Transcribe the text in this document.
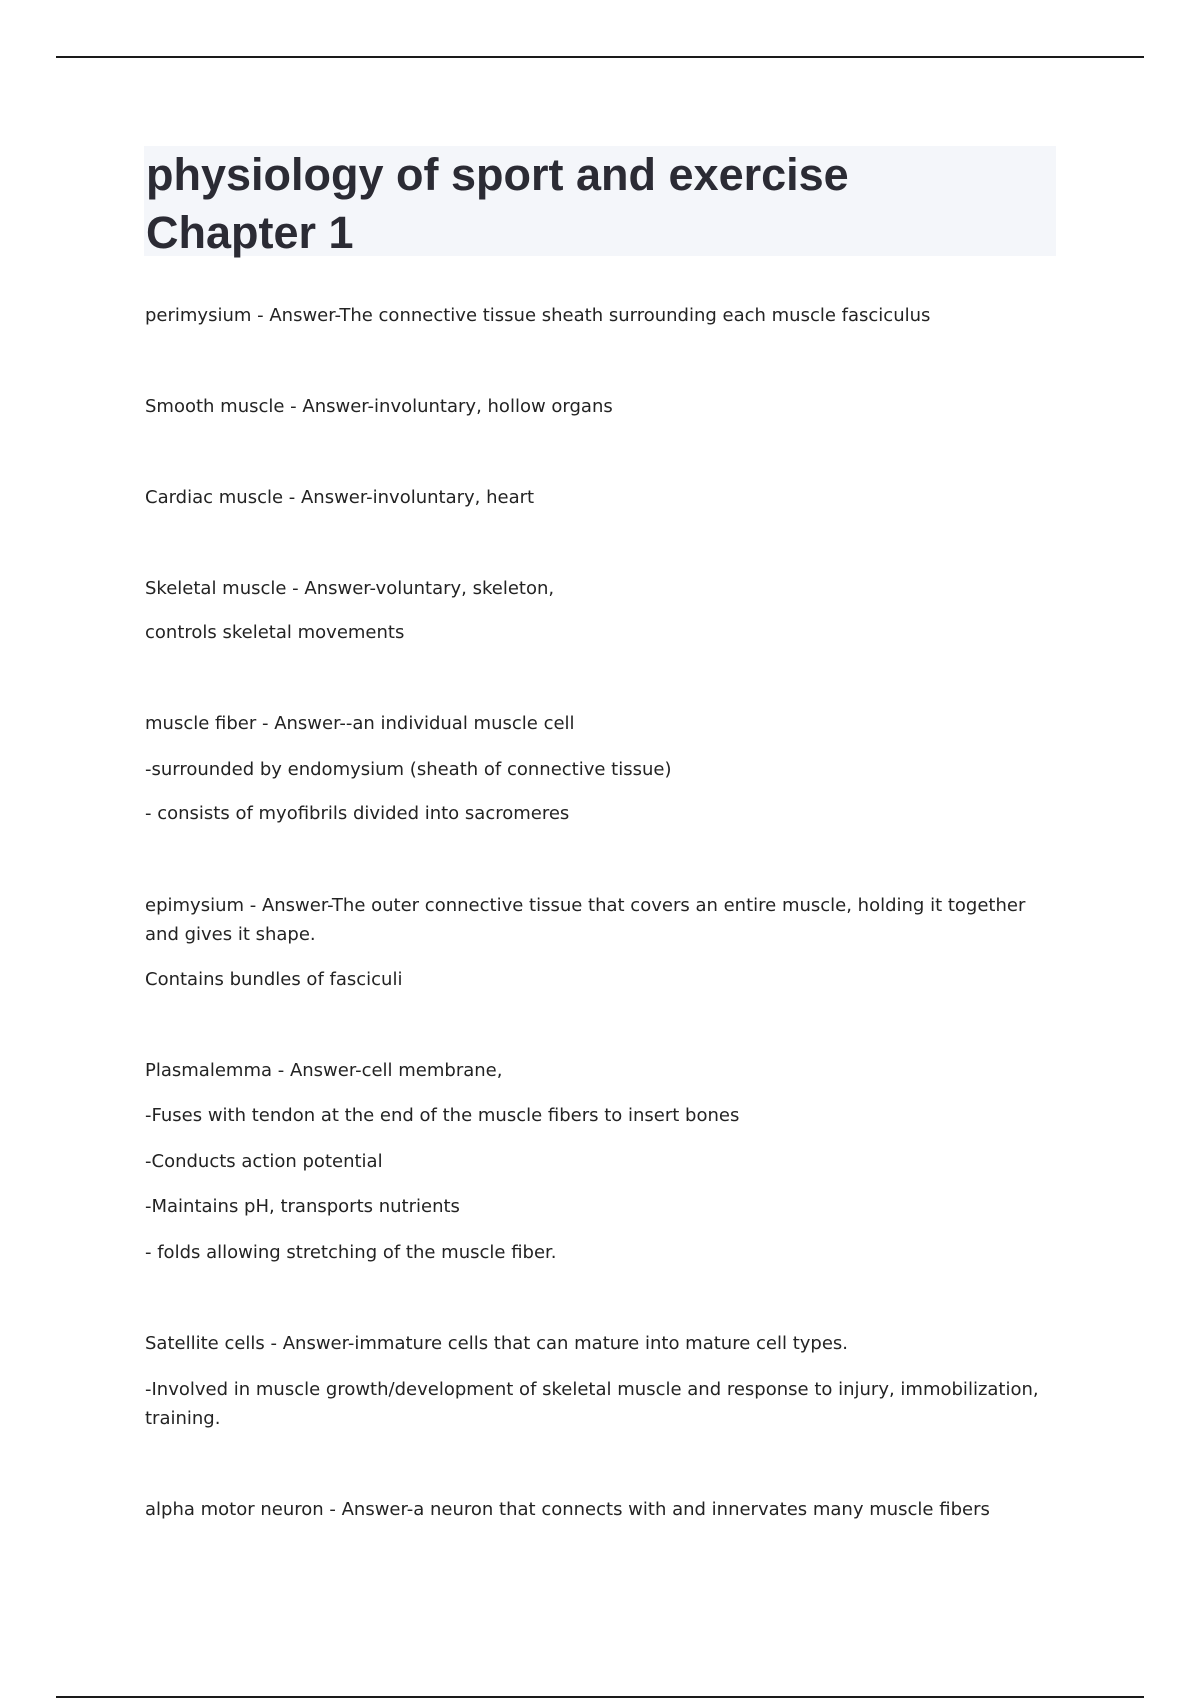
physiology of sport and exercise
Chapter 1
perimysium - Answer-The connective tissue sheath surrounding each muscle fasciculus
Smooth muscle - Answer-involuntary, hollow organs
Cardiac muscle - Answer-involuntary, heart
Skeletal muscle - Answer-voluntary, skeleton,
controls skeletal movements
muscle fiber - Answer--an individual muscle cell
-surrounded by endomysium (sheath of connective tissue)
- consists of myofibrils divided into sacromeres
epimysium - Answer-The outer connective tissue that covers an entire muscle, holding it together
and gives it shape.
Contains bundles of fasciculi
Plasmalemma - Answer-cell membrane,
-Fuses with tendon at the end of the muscle fibers to insert bones
-Conducts action potential
-Maintains pH, transports nutrients
- folds allowing stretching of the muscle fiber.
Satellite cells - Answer-immature cells that can mature into mature cell types.
-Involved in muscle growth/development of skeletal muscle and response to injury, immobilization,
training.
alpha motor neuron - Answer-a neuron that connects with and innervates many muscle fibers
